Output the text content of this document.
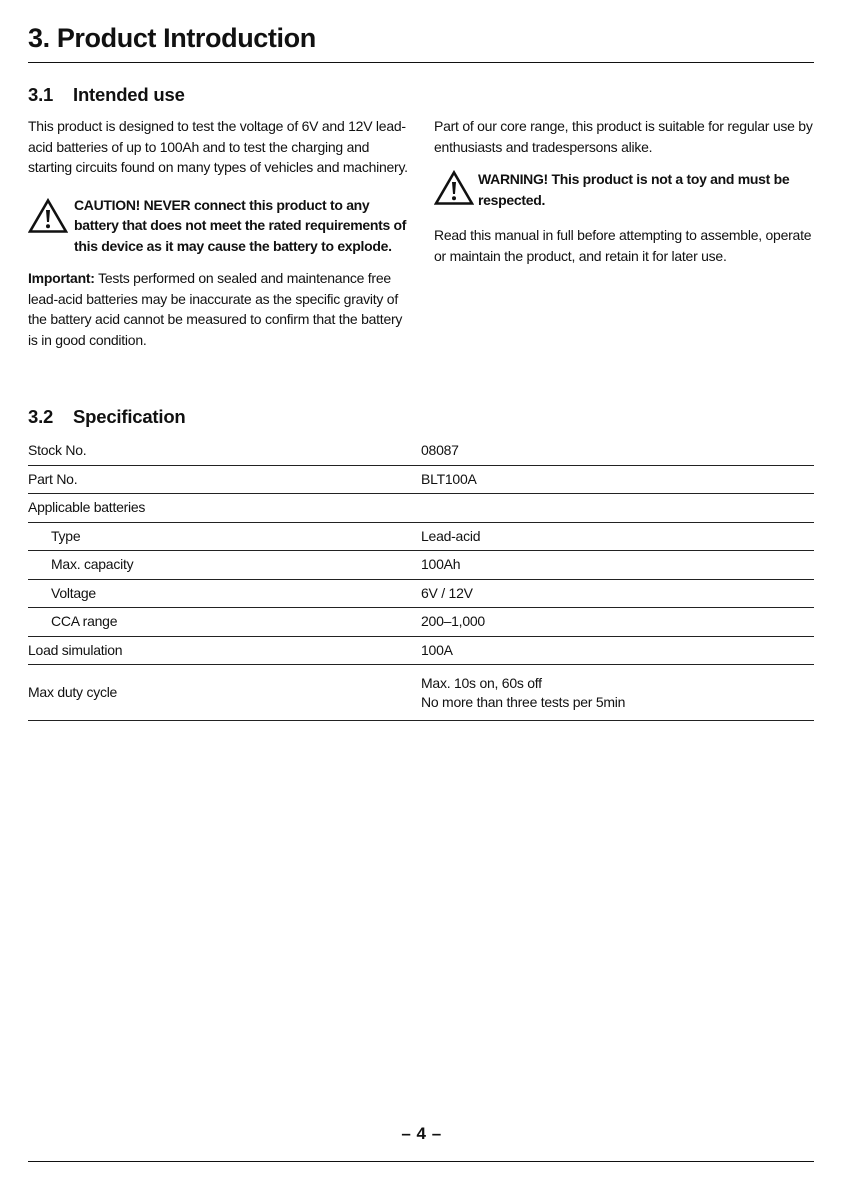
3. Product Introduction
3.1 Intended use

This product is designed to test the voltage of 6V and 12V lead-acid batteries of up to 100Ah and to test the charging and starting circuits found on many types of vehicles and machinery.

CAUTION! NEVER connect this product to any battery that does not meet the rated requirements of this device as it may cause the battery to explode.

Important: Tests performed on sealed and maintenance free lead-acid batteries may be inaccurate as the specific gravity of the battery acid cannot be measured to confirm that the battery is in good condition.

Part of our core range, this product is suitable for regular use by enthusiasts and tradespersons alike.

WARNING! This product is not a toy and must be respected.

Read this manual in full before attempting to assemble, operate or maintain the product, and retain it for later use.

3.2 Specification
Stock No.	08087
Part No.	BLT100A
Applicable batteries	
Type	Lead-acid
Max. capacity	100Ah
Voltage	6V / 12V
CCA range	200–1,000
Load simulation	100A
Max duty cycle	Max. 10s on, 60s off
No more than three tests per 5min
– 4 –
